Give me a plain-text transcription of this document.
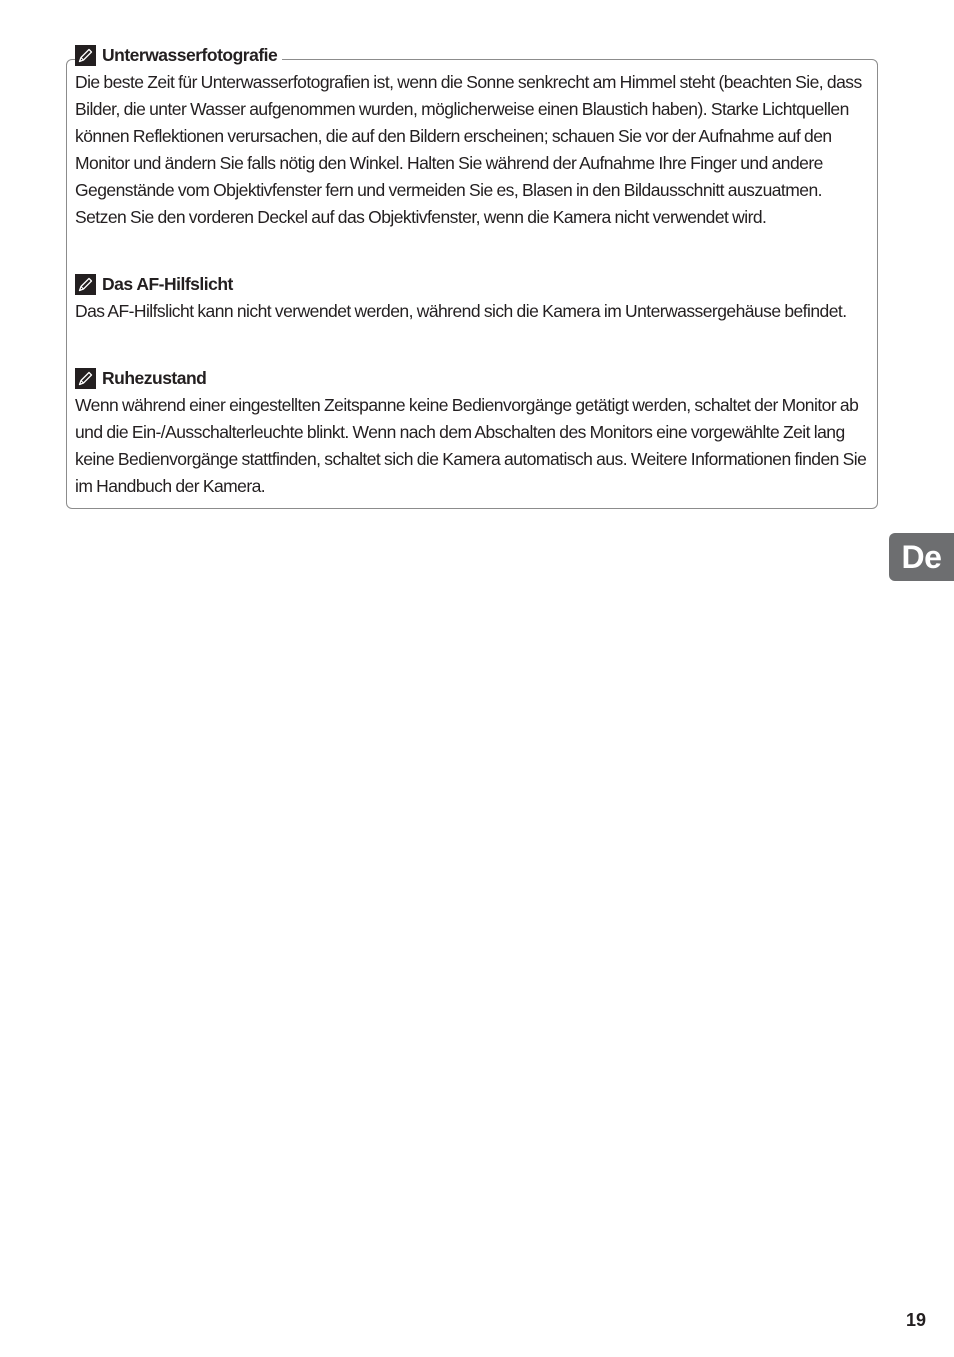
Unterwasserfotografie

Die beste Zeit für Unterwasserfotografien ist, wenn die Sonne senkrecht am Himmel steht (beachten Sie, dass Bilder, die unter Wasser aufgenommen wurden, möglicherweise einen Blaustich haben). Starke Lichtquellen können Reflektionen verursachen, die auf den Bildern erscheinen; schauen Sie vor der Aufnahme auf den Monitor und ändern Sie falls nötig den Winkel. Halten Sie während der Aufnahme Ihre Finger und andere Gegenstände vom Objektivfenster fern und vermeiden Sie es, Blasen in den Bildausschnitt auszuatmen. Setzen Sie den vorderen Deckel auf das Objektivfenster, wenn die Kamera nicht verwendet wird.

Das AF-Hilfslicht

Das AF-Hilfslicht kann nicht verwendet werden, während sich die Kamera im Unterwassergehäuse befindet.

Ruhezustand

Wenn während einer eingestellten Zeitspanne keine Bedienvorgänge getätigt werden, schaltet der Monitor ab und die Ein-/Ausschalterleuchte blinkt. Wenn nach dem Abschalten des Monitors eine vorgewählte Zeit lang keine Bedienvorgänge stattfinden, schaltet sich die Kamera automatisch aus. Weitere Informationen finden Sie im Handbuch der Kamera.

De
19
